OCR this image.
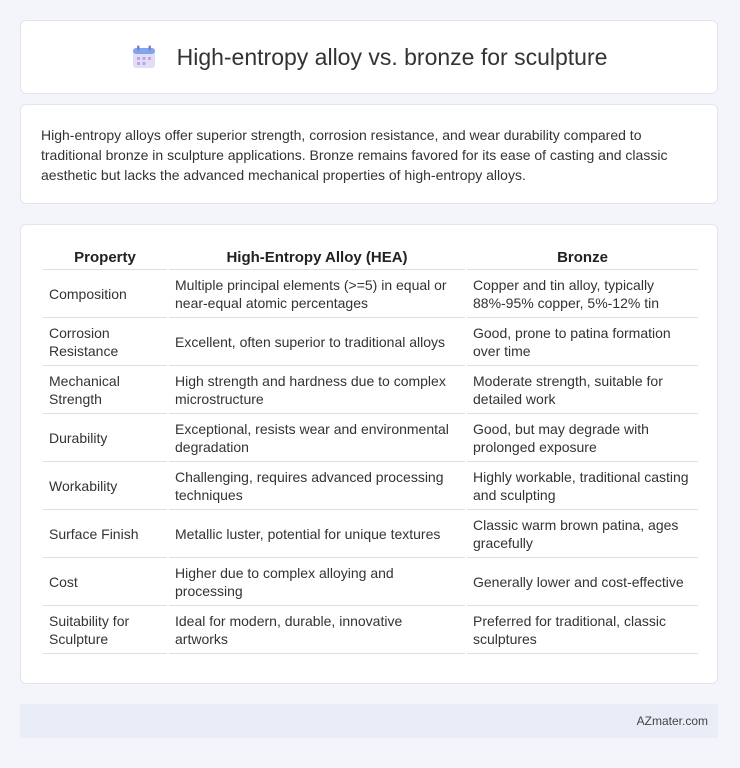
High-entropy alloy vs. bronze for sculpture

High-entropy alloys offer superior strength, corrosion resistance, and wear durability compared to traditional bronze in sculpture applications. Bronze remains favored for its ease of casting and classic aesthetic but lacks the advanced mechanical properties of high-entropy alloys.

Property	High-Entropy Alloy (HEA)	Bronze
Composition	Multiple principal elements (>=5) in equal or near-equal atomic percentages	Copper and tin alloy, typically 88%-95% copper, 5%-12% tin
Corrosion Resistance	Excellent, often superior to traditional alloys	Good, prone to patina formation over time
Mechanical Strength	High strength and hardness due to complex microstructure	Moderate strength, suitable for detailed work
Durability	Exceptional, resists wear and environmental degradation	Good, but may degrade with prolonged exposure
Workability	Challenging, requires advanced processing techniques	Highly workable, traditional casting and sculpting
Surface Finish	Metallic luster, potential for unique textures	Classic warm brown patina, ages gracefully
Cost	Higher due to complex alloying and processing	Generally lower and cost-effective
Suitability for Sculpture	Ideal for modern, durable, innovative artworks	Preferred for traditional, classic sculptures
AZmater.com
